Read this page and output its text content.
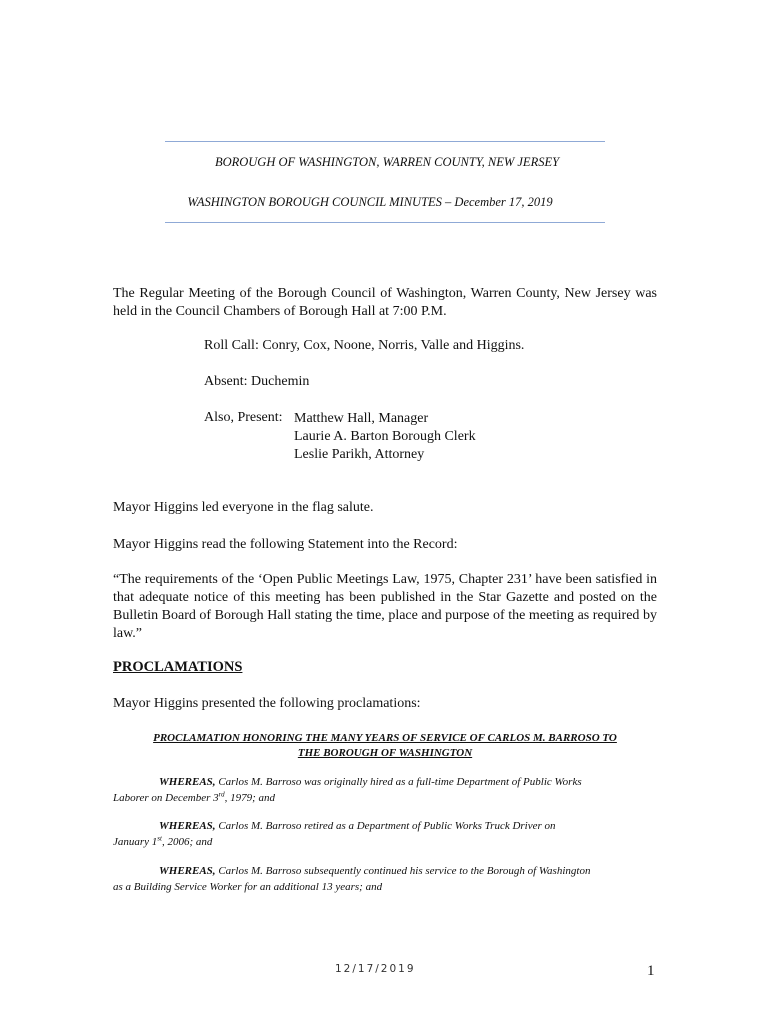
BOROUGH OF WASHINGTON, WARREN COUNTY, NEW JERSEY
WASHINGTON BOROUGH COUNCIL MINUTES – December 17, 2019
The Regular Meeting of the Borough Council of Washington, Warren County, New Jersey was held in the Council Chambers of Borough Hall at 7:00 P.M.
Roll Call: Conry, Cox, Noone, Norris, Valle and Higgins.
Absent: Duchemin
Also, Present: Matthew Hall, Manager
Laurie A. Barton Borough Clerk
Leslie Parikh, Attorney
Mayor Higgins led everyone in the flag salute.
Mayor Higgins read the following Statement into the Record:
“The requirements of the ‘Open Public Meetings Law, 1975, Chapter 231’ have been satisfied in that adequate notice of this meeting has been published in the Star Gazette and posted on the Bulletin Board of Borough Hall stating the time, place and purpose of the meeting as required by law.”
PROCLAMATIONS
Mayor Higgins presented the following proclamations:
PROCLAMATION HONORING THE MANY YEARS OF SERVICE OF CARLOS M. BARROSO TO
THE BOROUGH OF WASHINGTON
WHEREAS, Carlos M. Barroso was originally hired as a full-time Department of Public Works
Laborer on December 3rd, 1979; and
WHEREAS, Carlos M. Barroso retired as a Department of Public Works Truck Driver on
January 1st, 2006; and
WHEREAS, Carlos M. Barroso subsequently continued his service to the Borough of Washington
as a Building Service Worker for an additional 13 years; and
12/17/2019	1
